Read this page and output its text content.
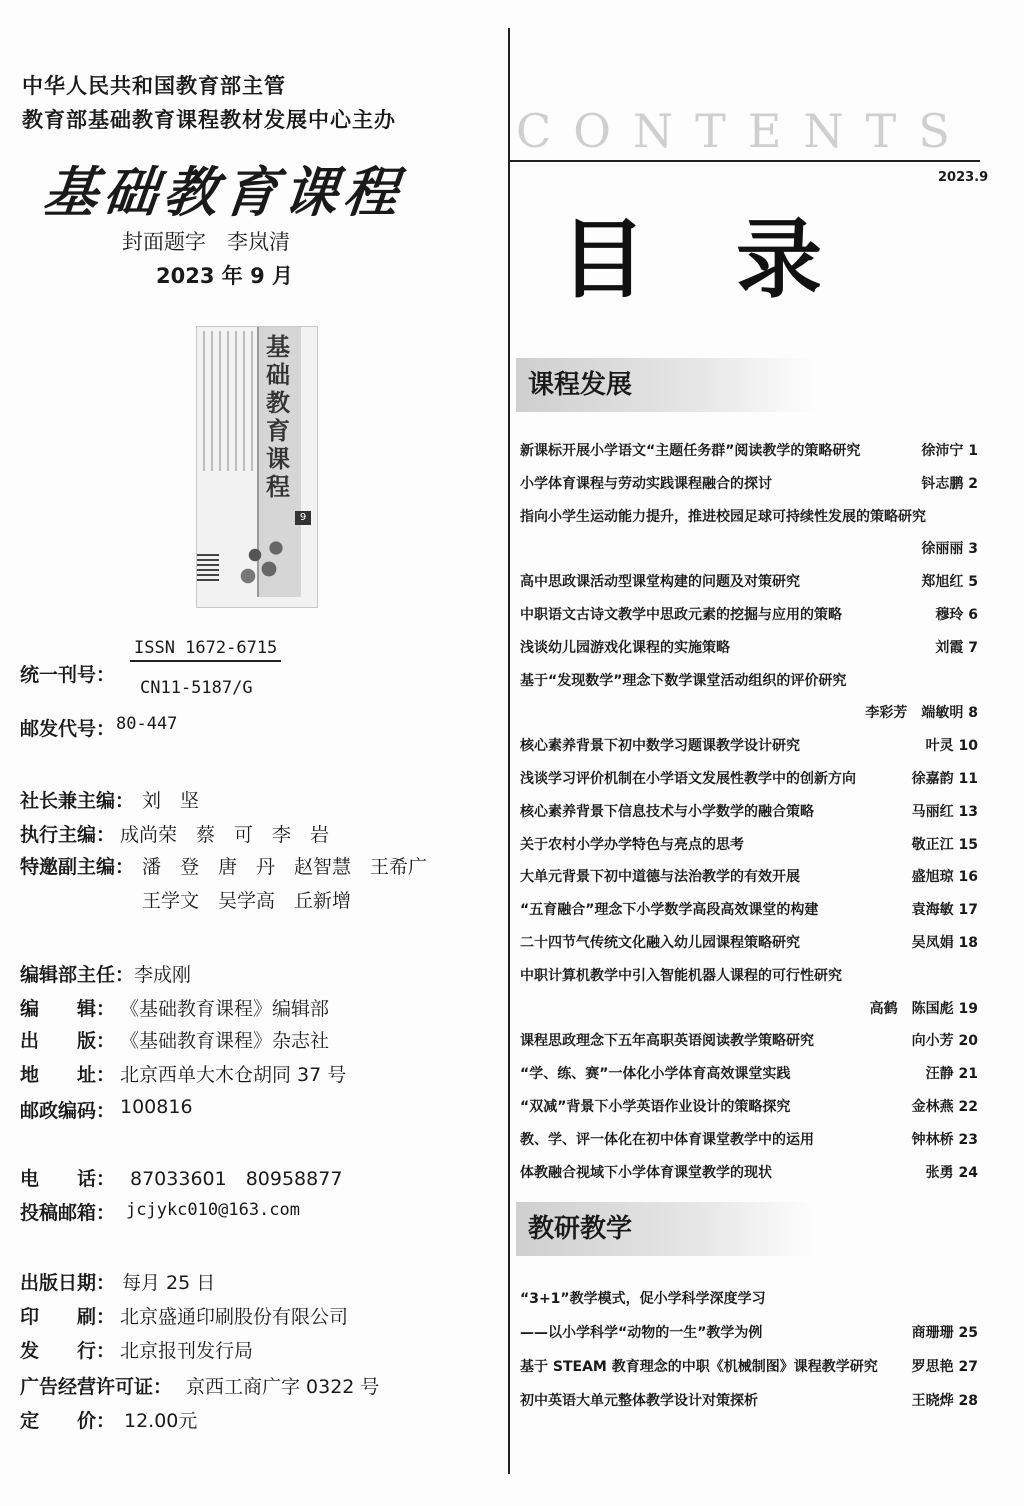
中华人民共和国教育部主管
教育部基础教育课程教材发展中心主办
基础教育课程
封面题字　李岚清
2023 年 9 月
基础教育课程
9
ISSN 1672-6715
统一刊号：
CN11-5187/G
邮发代号： 80-447
社长兼主编： 刘　坚
执行主编： 成尚荣　蔡　可　李　岩
特邀副主编： 潘　登　唐　丹　赵智慧　王希广
王学文　吴学高　丘新增
编辑部主任： 李成刚
编　　辑： 《基础教育课程》编辑部
出　　版： 《基础教育课程》杂志社
地　　址： 北京西单大木仓胡同 37 号
邮政编码： 100816
电　　话： 87033601　80958877
投稿邮箱： jcjykc010@163.com
出版日期： 每月 25 日
印　　刷： 北京盛通印刷股份有限公司
发　　行： 北京报刊发行局
广告经营许可证： 京西工商广字 0322 号
定　　价： 12.00元
CONTENTS
2023.9
目录
课程发展
新课标开展小学语文“主题任务群”阅读教学的策略研究	徐沛宁 1
小学体育课程与劳动实践课程融合的探讨	钭志鹏 2
指向小学生运动能力提升，推进校园足球可持续性发展的策略研究
徐丽丽 3
高中思政课活动型课堂构建的问题及对策研究	郑旭红 5
中职语文古诗文教学中思政元素的挖掘与应用的策略	穆玲 6
浅谈幼儿园游戏化课程的实施策略	刘霞 7
基于“发现数学”理念下数学课堂活动组织的评价研究
李彩芳　端敏明 8
核心素养背景下初中数学习题课教学设计研究	叶灵 10
浅谈学习评价机制在小学语文发展性教学中的创新方向	徐嘉韵 11
核心素养背景下信息技术与小学数学的融合策略	马丽红 13
关于农村小学办学特色与亮点的思考	敬正江 15
大单元背景下初中道德与法治教学的有效开展	盛旭琼 16
“五育融合”理念下小学数学高段高效课堂的构建	袁海敏 17
二十四节气传统文化融入幼儿园课程策略研究	吴凤娟 18
中职计算机教学中引入智能机器人课程的可行性研究
高鹤　陈国彪 19
课程思政理念下五年高职英语阅读教学策略研究	向小芳 20
“学、练、赛”一体化小学体育高效课堂实践	汪静 21
“双减”背景下小学英语作业设计的策略探究	金林燕 22
教、学、评一体化在初中体育课堂教学中的运用	钟林桥 23
体教融合视域下小学体育课堂教学的现状	张勇 24
教研教学
“3+1”教学模式，促小学科学深度学习
——以小学科学“动物的一生”教学为例	商珊珊 25
基于 STEAM 教育理念的中职《机械制图》课程教学研究 罗思艳 27
初中英语大单元整体教学设计对策探析	王晓烨 28
